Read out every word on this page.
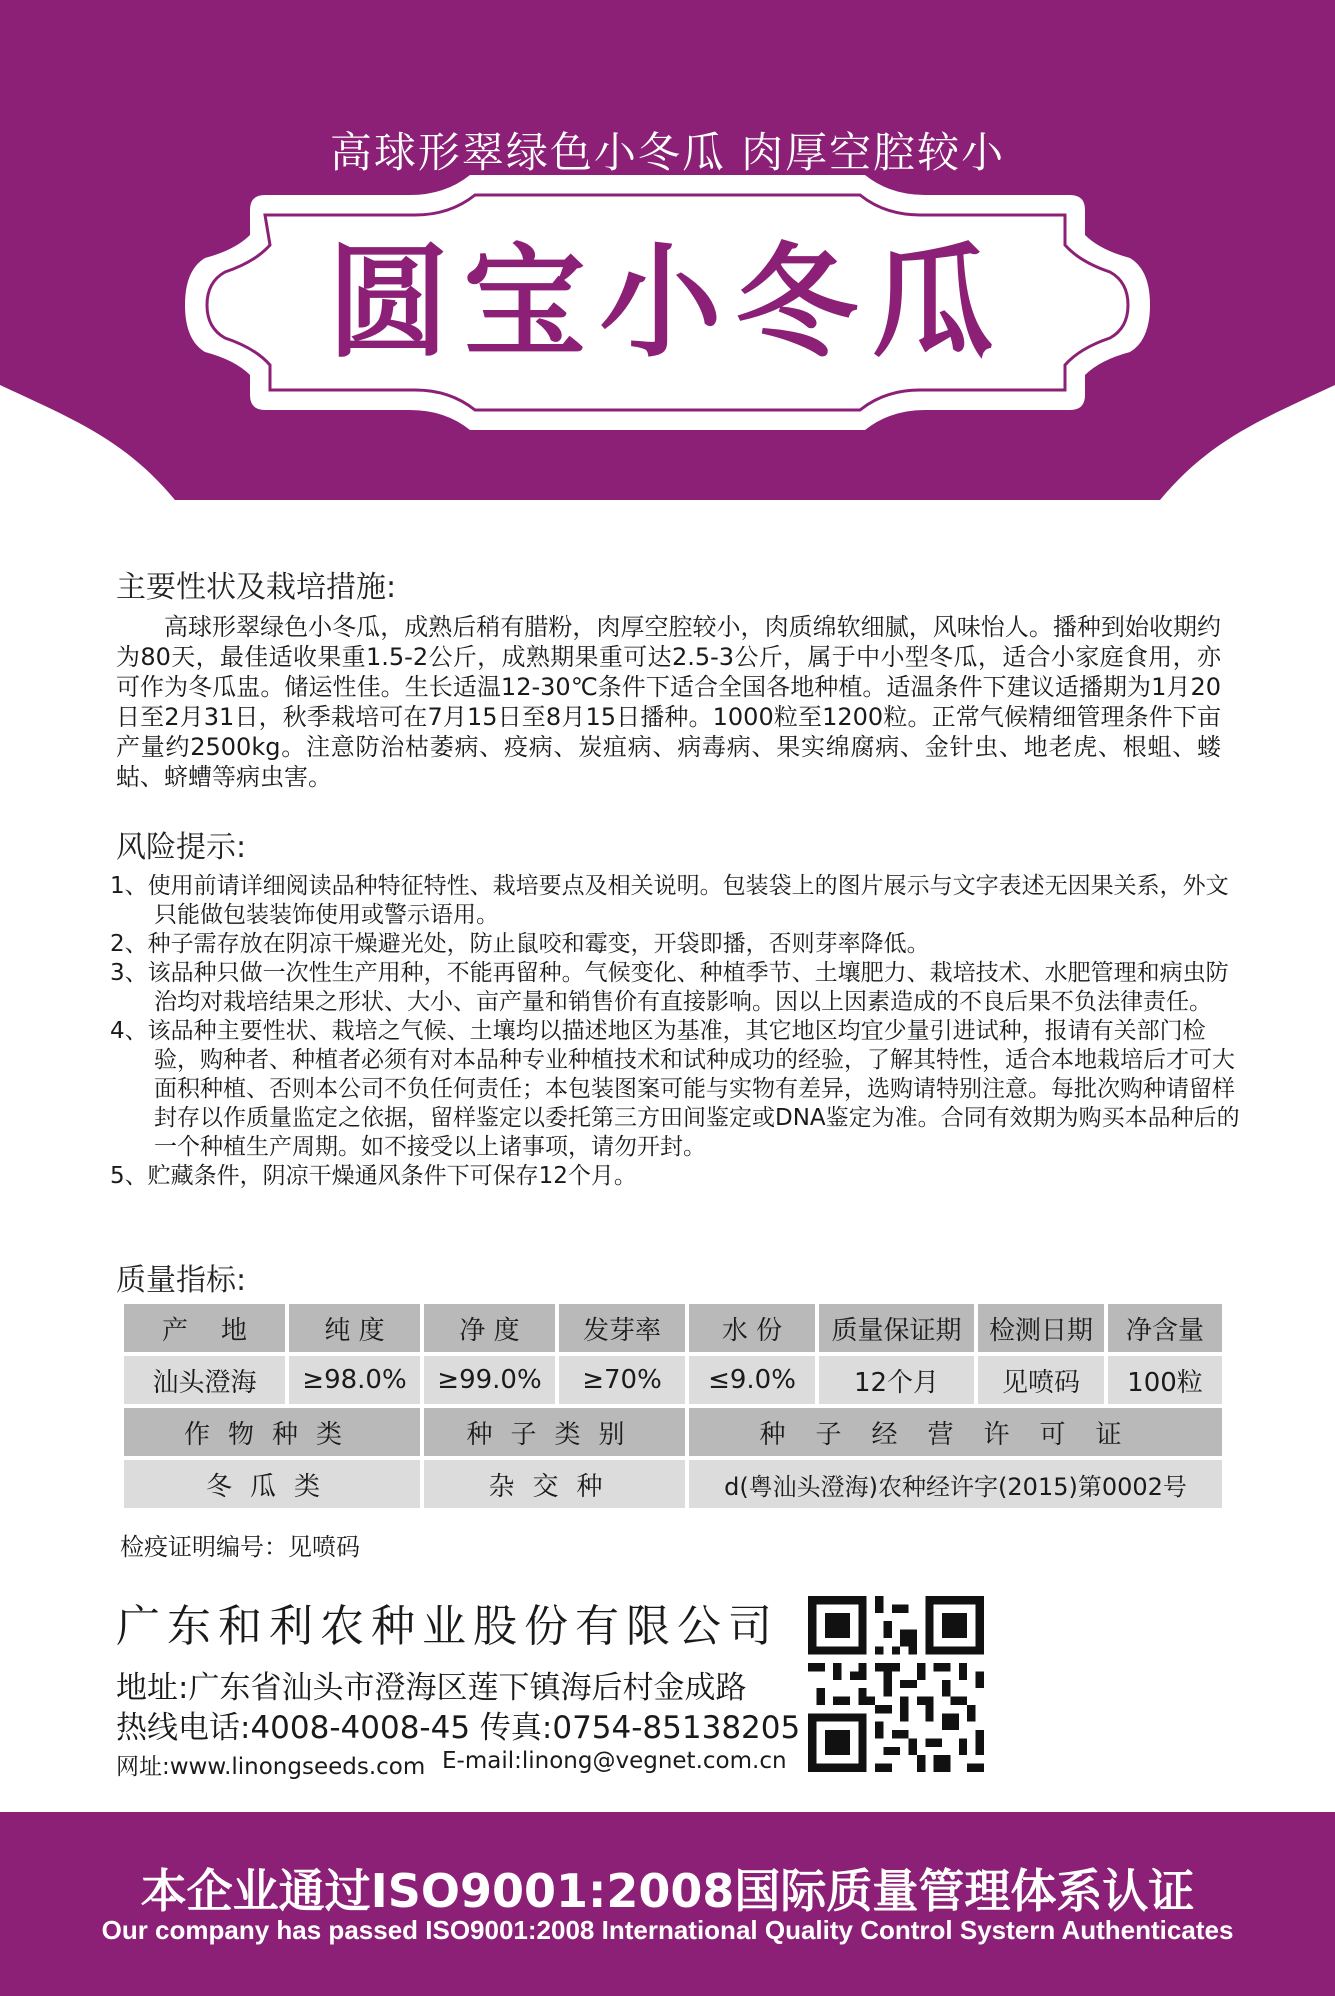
高球形翠绿色小冬瓜 肉厚空腔较小
圆宝小冬瓜
主要性状及栽培措施:

高球形翠绿色小冬瓜，成熟后稍有腊粉，肉厚空腔较小，肉质绵软细腻，风味怡人。播种到始收期约为80天，最佳适收果重1.5-2公斤，成熟期果重可达2.5-3公斤，属于中小型冬瓜，适合小家庭食用，亦可作为冬瓜盅。储运性佳。生长适温12-30℃条件下适合全国各地种植。适温条件下建议适播期为1月20日至2月31日，秋季栽培可在7月15日至8月15日播种。1000粒至1200粒。正常气候精细管理条件下亩产量约2500kg。注意防治枯萎病、疫病、炭疽病、病毒病、果实绵腐病、金针虫、地老虎、根蛆、蝼蛄、蛴螬等病虫害。

风险提示:
1、使用前请详细阅读品种特征特性、栽培要点及相关说明。包装袋上的图片展示与文字表述无因果关系，外文只能做包装装饰使用或警示语用。
2、种子需存放在阴凉干燥避光处，防止鼠咬和霉变，开袋即播，否则芽率降低。
3、该品种只做一次性生产用种，不能再留种。气候变化、种植季节、土壤肥力、栽培技术、水肥管理和病虫防治均对栽培结果之形状、大小、亩产量和销售价有直接影响。因以上因素造成的不良后果不负法律责任。
4、该品种主要性状、栽培之气候、土壤均以描述地区为基准，其它地区均宜少量引进试种，报请有关部门检验，购种者、种植者必须有对本品种专业种植技术和试种成功的经验，了解其特性，适合本地栽培后才可大面积种植、否则本公司不负任何责任；本包装图案可能与实物有差异，选购请特别注意。每批次购种请留样封存以作质量监定之依据，留样鉴定以委托第三方田间鉴定或DNA鉴定为准。合同有效期为购买本品种后的一个种植生产周期。如不接受以上诸事项，请勿开封。
5、贮藏条件，阴凉干燥通风条件下可保存12个月。
质量指标:
产    地	纯 度	净 度	发芽率	水 份	质量保证期	检测日期	净含量
汕头澄海	≥98.0%	≥99.0%	≥70%	≤9.0%	12个月	见喷码	100粒
作物种类		种子类别		种子经营许可证			
冬瓜类		杂交种		d(粤汕头澄海)农种经许字(2015)第0002号			
检疫证明编号：见喷码
广东和利农种业股份有限公司
地址:广东省汕头市澄海区莲下镇海后村金成路
热线电话:4008-4008-45 传真:0754-85138205
网址:www.linongseeds.com E-mail:linong@vegnet.com.cn
本企业通过ISO9001:2008国际质量管理体系认证
Our company has passed ISO9001:2008 International Quality Control Systern Authenticates
